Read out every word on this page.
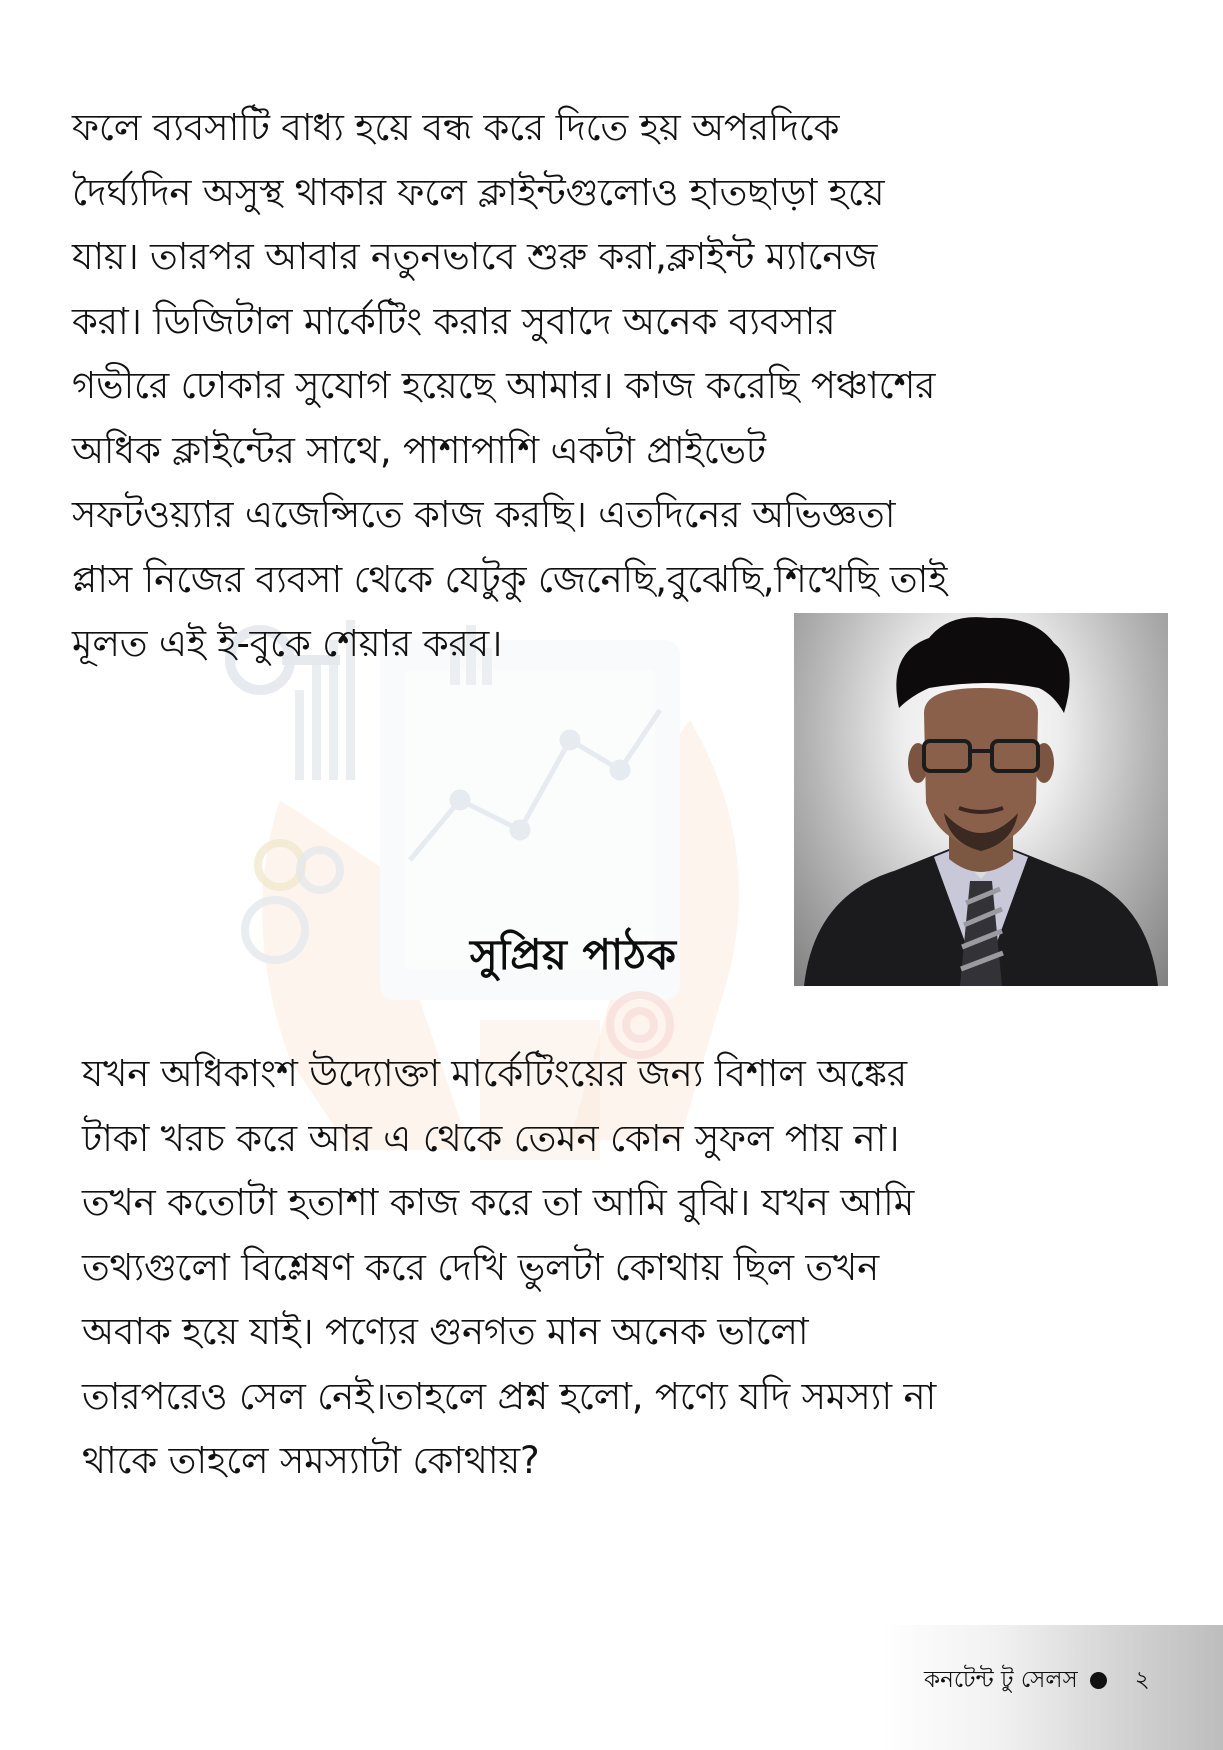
ফলে ব্যবসাটি বাধ্য হয়ে বন্ধ করে দিতে হয় অপরদিকে
দৈর্ঘ্যদিন অসুস্থ থাকার ফলে ক্লাইন্টগুলোও হাতছাড়া হয়ে
যায়। তারপর আবার নতুনভাবে শুরু করা,ক্লাইন্ট ম্যানেজ
করা। ডিজিটাল মার্কেটিং করার সুবাদে অনেক ব্যবসার
গভীরে ঢোকার সুযোগ হয়েছে আমার। কাজ করেছি পঞ্চাশের
অধিক ক্লাইন্টের সাথে, পাশাপাশি একটা প্রাইভেট
সফটওয়্যার এজেন্সিতে কাজ করছি। এতদিনের অভিজ্ঞতা
প্লাস নিজের ব্যবসা থেকে যেটুকু জেনেছি,বুঝেছি,শিখেছি তাই
মূলত এই ই-বুকে শেয়ার করব।

সুপ্রিয় পাঠক

যখন অধিকাংশ উদ্যোক্তা মার্কেটিংয়ের জন্য বিশাল অঙ্কের
টাকা খরচ করে আর এ থেকে তেমন কোন সুফল পায় না।
তখন কতোটা হতাশা কাজ করে তা আমি বুঝি। যখন আমি
তথ্যগুলো বিশ্লেষণ করে দেখি ভুলটা কোথায় ছিল তখন
অবাক হয়ে যাই। পণ্যের গুনগত মান অনেক ভালো
তারপরেও সেল নেই।তাহলে প্রশ্ন হলো, পণ্যে যদি সমস্যা না
থাকে তাহলে সমস্যাটা কোথায়?

কনটেন্ট টু সেলস ২
